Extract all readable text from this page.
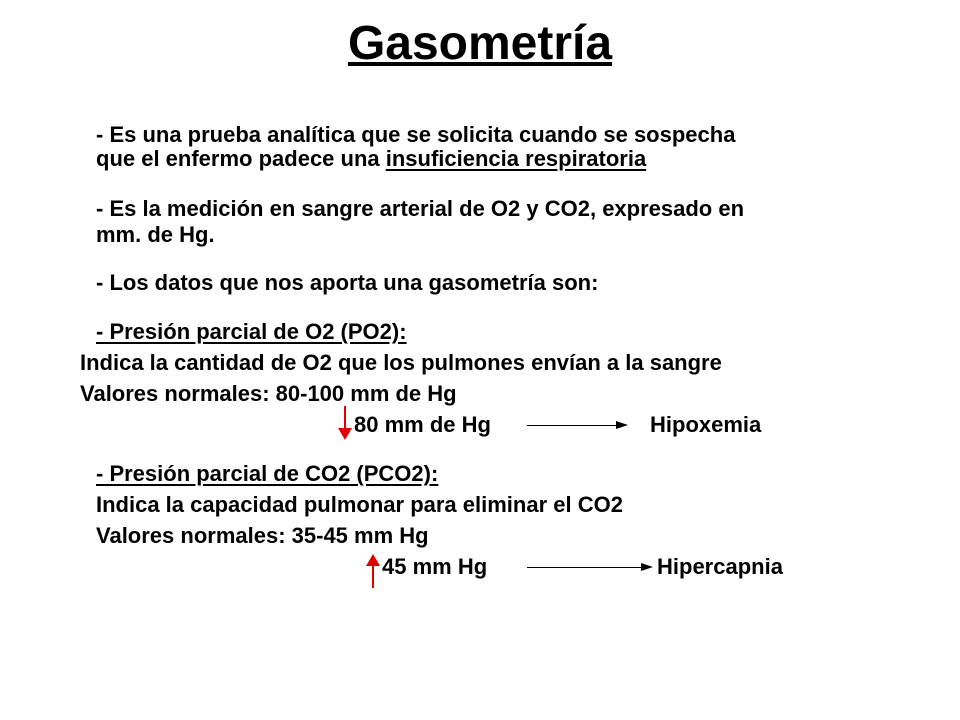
Gasometría
- Es una prueba analítica que se solicita cuando se sospecha
que el enfermo padece una insuficiencia respiratoria
- Es la medición en sangre arterial de O2 y CO2, expresado en
mm. de Hg.
- Los datos que nos aporta una gasometría son:
- Presión parcial de O2 (PO2):
Indica la cantidad de O2 que los pulmones envían a la sangre
Valores normales: 80-100 mm de Hg
80 mm de Hg	Hipoxemia
- Presión parcial de CO2 (PCO2):
Indica la capacidad pulmonar para eliminar el CO2
Valores normales: 35-45 mm Hg
45 mm Hg	Hipercapnia
